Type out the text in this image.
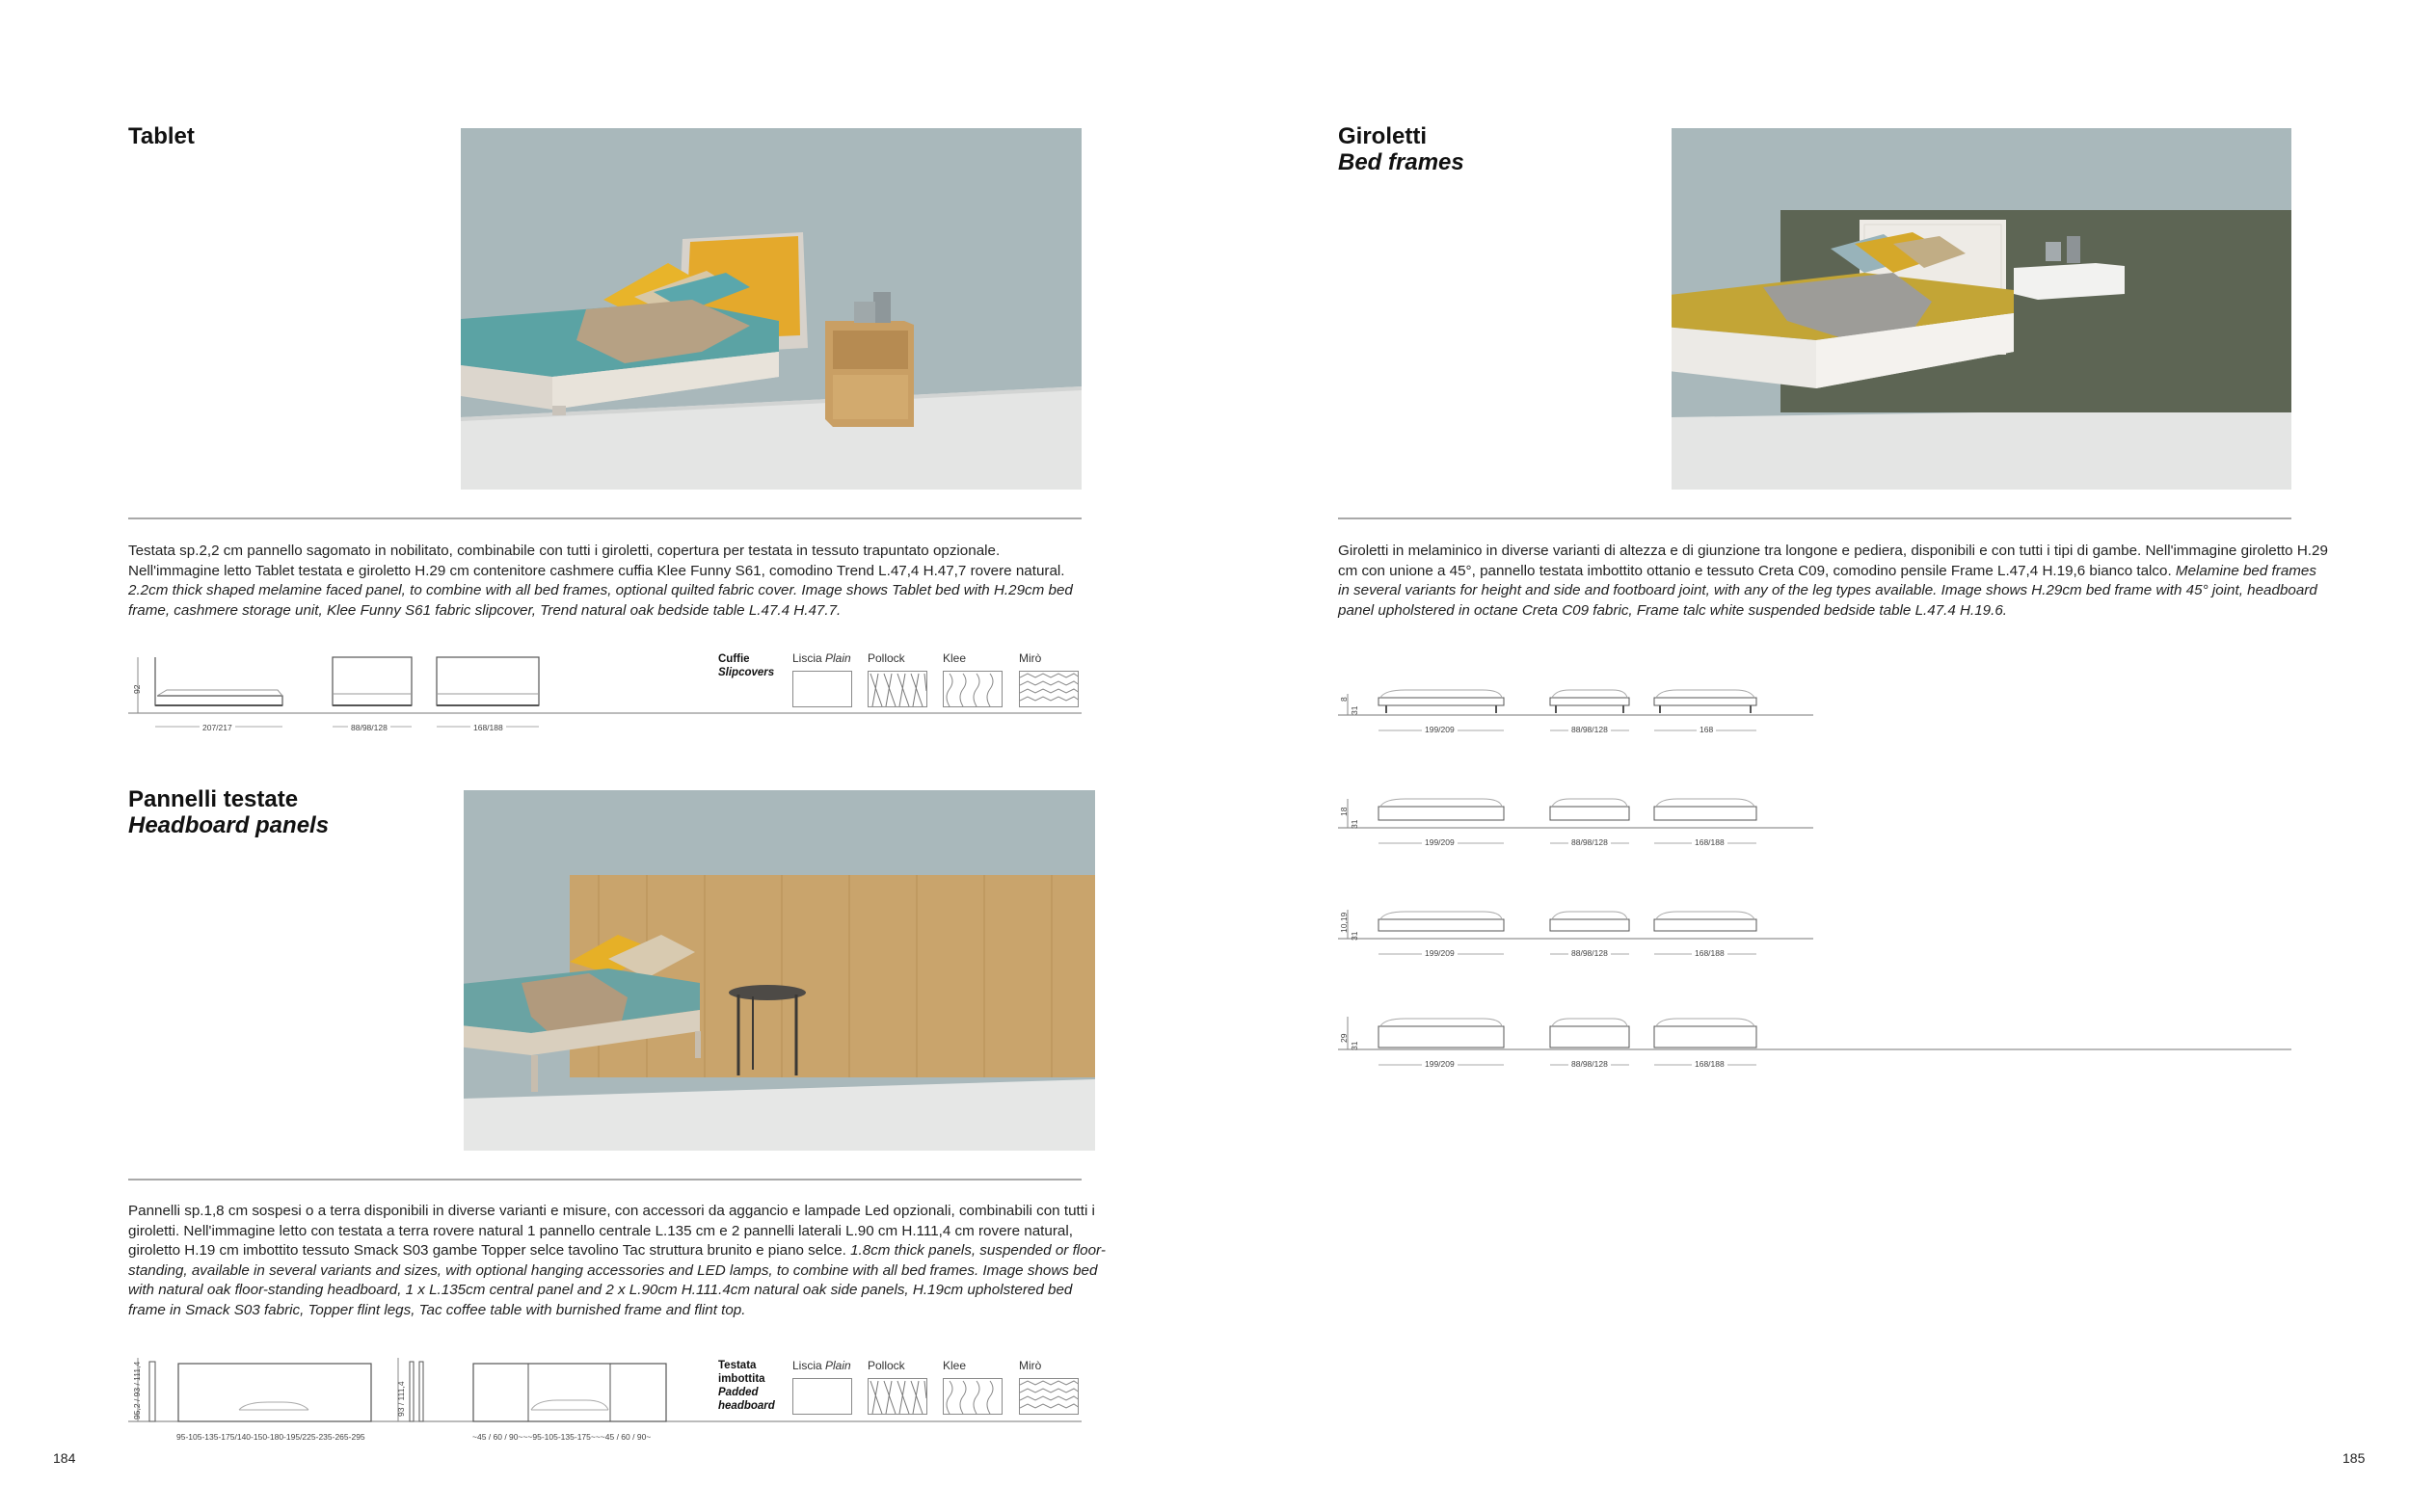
Tablet
Testata sp.2,2 cm pannello sagomato in nobilitato, combinabile con tutti i giroletti, copertura per testata in tessuto trapuntato opzionale. Nell'immagine letto Tablet testata e giroletto H.29 cm contenitore cashmere cuffia Klee Funny S61, comodino Trend L.47,4 H.47,7 rovere natural. 2.2cm thick shaped melamine faced panel, to combine with all bed frames, optional quilted fabric cover. Image shows Tablet bed with H.29cm bed frame, cashmere storage unit, Klee Funny S61 fabric slipcover, Trend natural oak bedside table L.47.4 H.47.7.
92
207/217	88/98/128	168/188
Cuffie
Slipcovers
Liscia Plain Pollock	Klee	Mirò
Pannelli testate
Headboard panels
Pannelli sp.1,8 cm sospesi o a terra disponibili in diverse varianti e misure, con accessori da aggancio e lampade Led opzionali, combinabili con tutti i giroletti. Nell'immagine letto con testata a terra rovere natural 1 pannello centrale L.135 cm e 2 pannelli laterali L.90 cm H.111,4 cm rovere natural, giroletto H.19 cm imbottito tessuto Smack S03 gambe Topper selce tavolino Tac struttura brunito e piano selce. 1.8cm thick panels, suspended or floor-standing, available in several variants and sizes, with optional hanging accessories and LED lamps, to combine with all bed frames. Image shows bed with natural oak floor-standing headboard, 1 x L.135cm central panel and 2 x L.90cm H.111.4cm natural oak side panels, H.19cm upholstered bed frame in Smack S03 fabric, Topper flint legs, Tac coffee table with burnished frame and flint top.
95,2 / 93 / 111,4	93 / 111,4
95-105-135-175/140-150-180-195/225-235-265-295	~45 / 60 / 90~~~95-105-135-175~~~45 / 60 / 90~
Testata imbottita
Padded headboard
Liscia Plain Pollock	Klee	Mirò
184
Giroletti
Bed frames
Giroletti in melaminico in diverse varianti di altezza e di giunzione tra longone e pediera, disponibili e con tutti i tipi di gambe. Nell'immagine giroletto H.29 cm con unione a 45°, pannello testata imbottito ottanio e tessuto Creta C09, comodino pensile Frame L.47,4 H.19,6 bianco talco. Melamine bed frames in several variants for height and side and footboard joint, with any of the leg types available. Image shows H.29cm bed frame with 45° joint, headboard panel upholstered in octane Creta C09 fabric, Frame talc white suspended bedside table L.47.4 H.19.6.
8
31
199/209	88/98/128	168
18
31
199/209	88/98/128	168/188
10,19
31
199/209	88/98/128	168/188
29
31
199/209	88/98/128	168/188
185
